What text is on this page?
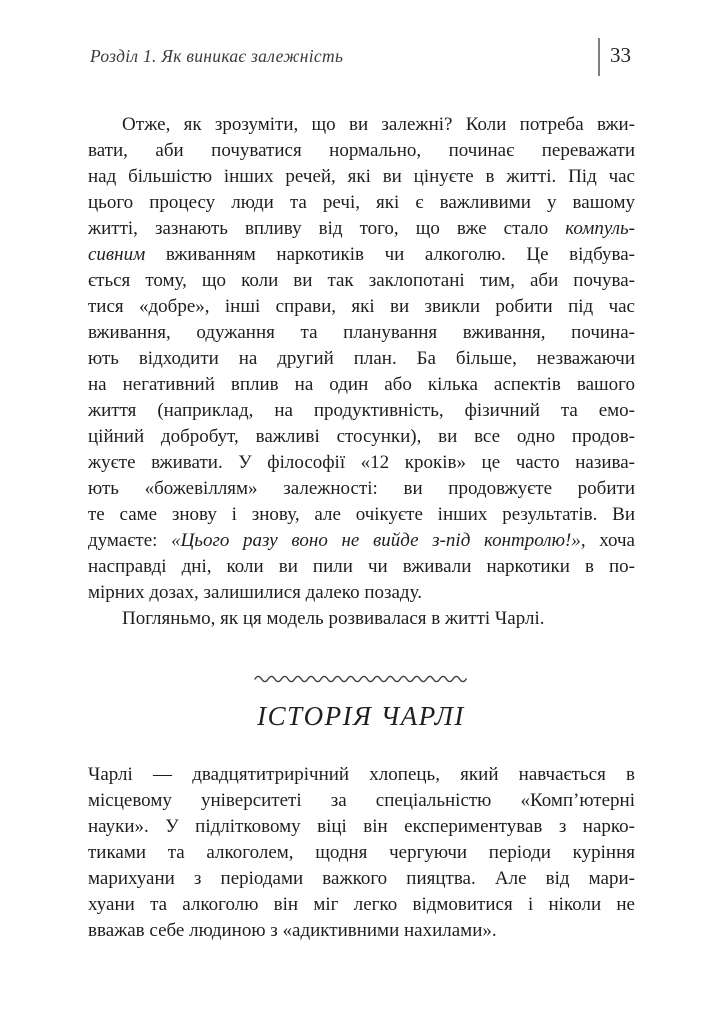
Розділ 1. Як виникає залежність	33
Отже, як зрозуміти, що ви залежні? Коли потреба вжи-
вати, аби почуватися нормально, починає переважати
над більшістю інших речей, які ви цінуєте в житті. Під час
цього процесу люди та речі, які є важливими у вашому
житті, зазнають впливу від того, що вже стало компуль-
сивним вживанням наркотиків чи алкоголю. Це відбува-
ється тому, що коли ви так заклопотані тим, аби почува-
тися «добре», інші справи, які ви звикли робити під час
вживання, одужання та планування вживання, почина-
ють відходити на другий план. Ба більше, незважаючи
на негативний вплив на один або кілька аспектів вашого
життя (наприклад, на продуктивність, фізичний та емо-
ційний добробут, важливі стосунки), ви все одно продов-
жуєте вживати. У філософії «12 кроків» це часто назива-
ють «божевіллям» залежності: ви продовжуєте робити
те саме знову і знову, але очікуєте інших результатів. Ви
думаєте: «Цього разу воно не вийде з-під контролю!», хоча
насправді дні, коли ви пили чи вживали наркотики в по-
мірних дозах, залишилися далеко позаду.
Погляньмо, як ця модель розвивалася в житті Чарлі.
ІСТОРІЯ ЧАРЛІ
Чарлі — двадцятитрирічний хлопець, який навчається в
місцевому університеті за спеціальністю «Комп’ютерні
науки». У підлітковому віці він експериментував з нарко-
тиками та алкоголем, щодня чергуючи періоди куріння
марихуани з періодами важкого пияцтва. Але від мари-
хуани та алкоголю він міг легко відмовитися і ніколи не
вважав себе людиною з «адиктивними нахилами».
